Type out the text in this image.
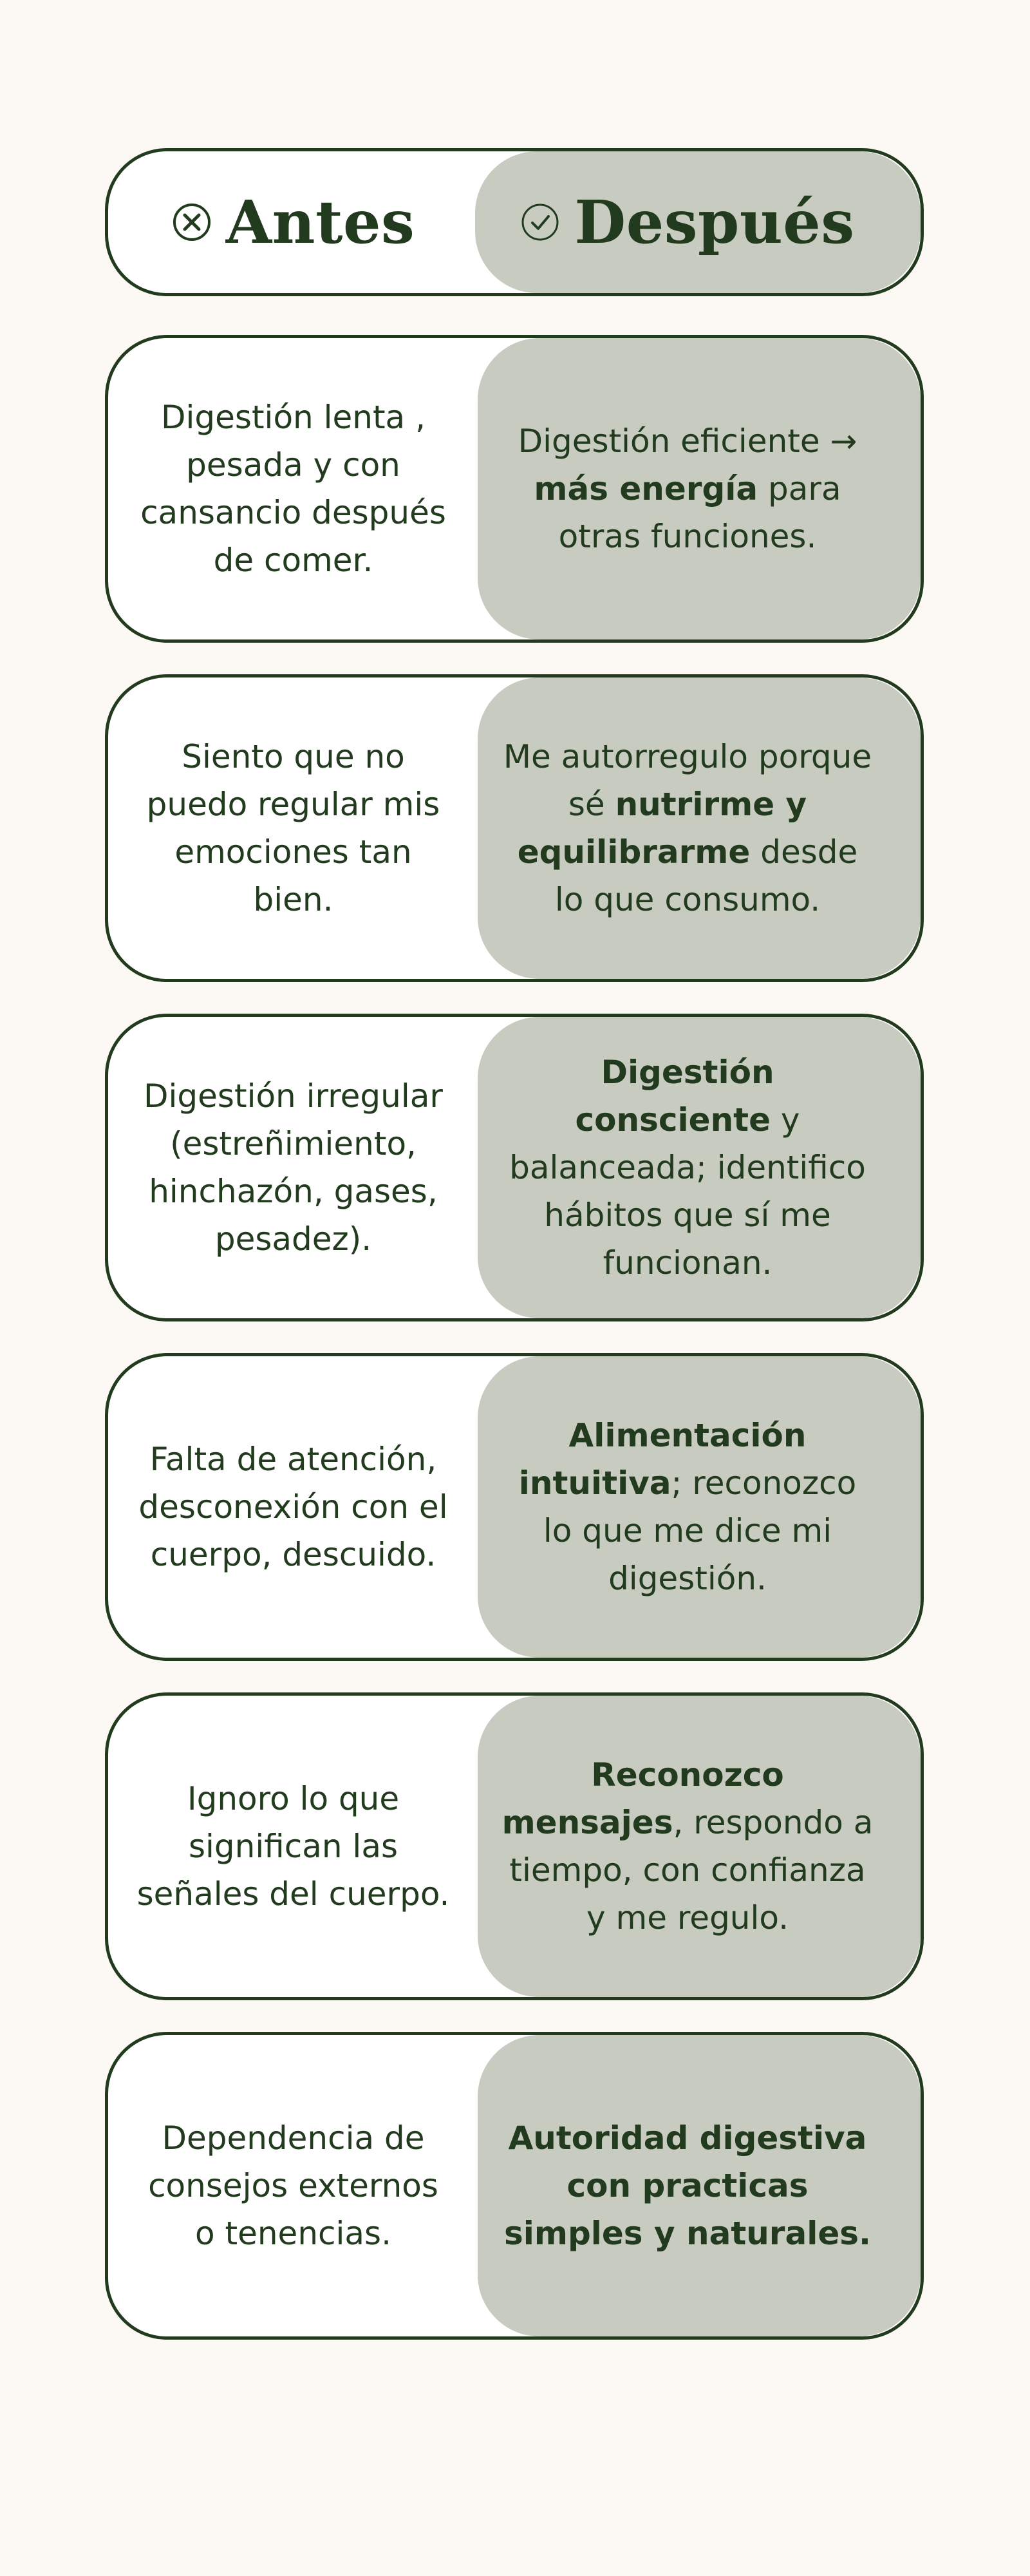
Antes	Después
Digestión lenta , pesada y con cansancio después de comer.
Digestión eficiente → más energía para otras funciones.
Siento que no puedo regular mis emociones tan bien.
Me autorregulo porque sé nutrirme y equilibrarme desde lo que consumo.
Digestión irregular (estreñimiento, hinchazón, gases, pesadez).
Digestión consciente y balanceada; identifico hábitos que sí me funcionan.
Falta de atención, desconexión con el cuerpo, descuido.
Alimentación intuitiva; reconozco lo que me dice mi digestión.
Ignoro lo que significan las señales del cuerpo.
Reconozco mensajes, respondo a tiempo, con confianza y me regulo.
Dependencia de consejos externos o tenencias.
Autoridad digestiva con practicas simples y naturales.
